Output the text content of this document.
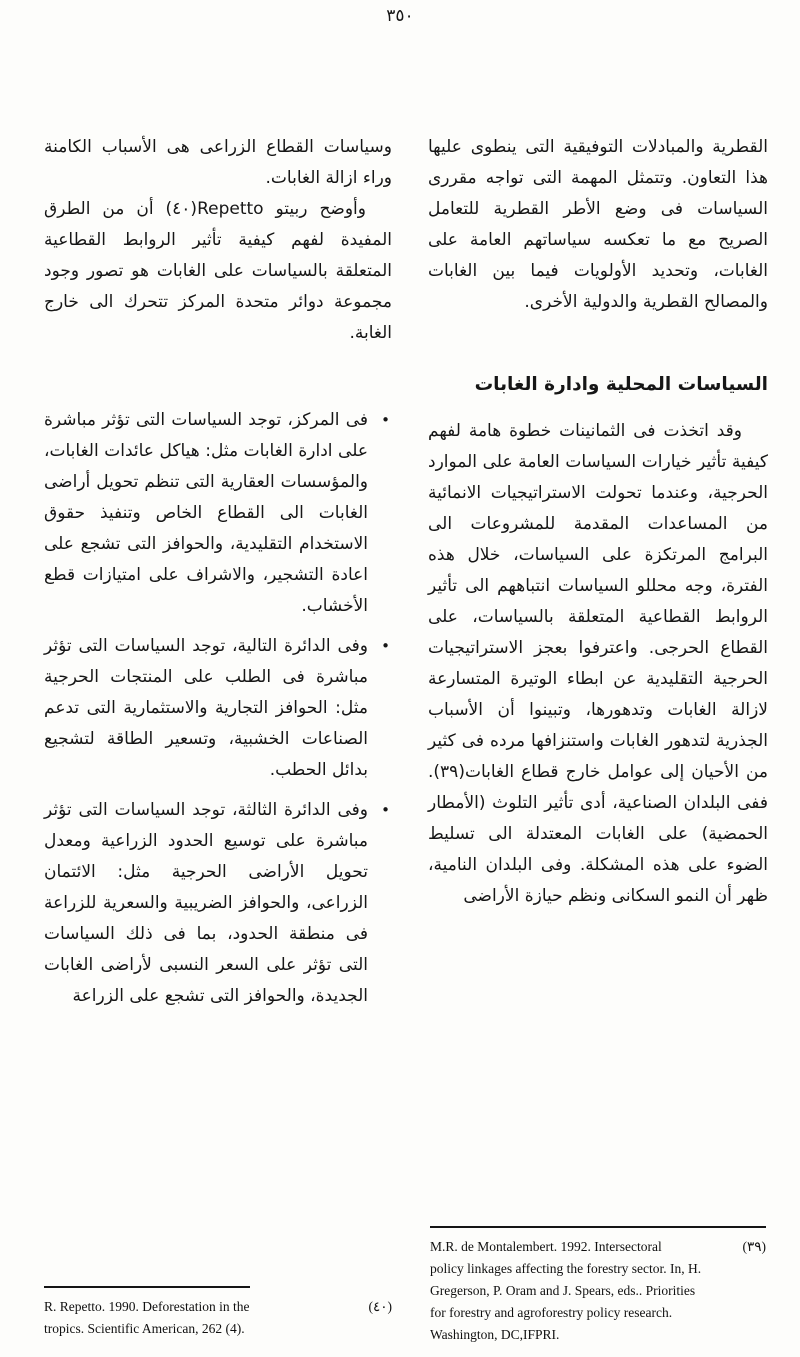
٣٥٠

القطرية والمبادلات التوفيقية التى ينطوى عليها هذا التعاون. وتتمثل المهمة التى تواجه مقررى السياسات فى وضع الأطر القطرية للتعامل الصريح مع ما تعكسه سياساتهم العامة على الغابات، وتحديد الأولويات فيما بين الغابات والمصالح القطرية والدولية الأخرى.

السياسات المحلية وادارة الغابات

وقد اتخذت فى الثمانينات خطوة هامة لفهم كيفية تأثير خيارات السياسات العامة على الموارد الحرجية، وعندما تحولت الاستراتيجيات الانمائية من المساعدات المقدمة للمشروعات الى البرامج المرتكزة على السياسات، خلال هذه الفترة، وجه محللو السياسات انتباههم الى تأثير الروابط القطاعية المتعلقة بالسياسات، على القطاع الحرجى. واعترفوا بعجز الاستراتيجيات الحرجية التقليدية عن ابطاء الوتيرة المتسارعة لازالة الغابات وتدهورها، وتبينوا أن الأسباب الجذرية لتدهور الغابات واستنزافها مرده فى كثير من الأحيان إلى عوامل خارج قطاع الغابات(٣٩). ففى البلدان الصناعية، أدى تأثير التلوث (الأمطار الحمضية) على الغابات المعتدلة الى تسليط الضوء على هذه المشكلة. وفى البلدان النامية، ظهر أن النمو السكانى ونظم حيازة الأراضى

وسياسات القطاع الزراعى هى الأسباب الكامنة وراء ازالة الغابات.

وأوضح ربيتو Repetto(٤٠) أن من الطرق المفيدة لفهم كيفية تأثير الروابط القطاعية المتعلقة بالسياسات على الغابات هو تصور وجود مجموعة دوائر متحدة المركز تتحرك الى خارج الغابة.

•
فى المركز، توجد السياسات التى تؤثر مباشرة على ادارة الغابات مثل: هياكل عائدات الغابات، والمؤسسات العقارية التى تنظم تحويل أراضى الغابات الى القطاع الخاص وتنفيذ حقوق الاستخدام التقليدية، والحوافز التى تشجع على اعادة التشجير، والاشراف على امتيازات قطع الأخشاب.
•
وفى الدائرة التالية، توجد السياسات التى تؤثر مباشرة فى الطلب على المنتجات الحرجية مثل: الحوافز التجارية والاستثمارية التى تدعم الصناعات الخشبية، وتسعير الطاقة لتشجيع بدائل الحطب.
•
وفى الدائرة الثالثة، توجد السياسات التى تؤثر مباشرة على توسيع الحدود الزراعية ومعدل تحويل الأراضى الحرجية مثل: الائتمان الزراعى، والحوافز الضريبية والسعرية للزراعة فى منطقة الحدود، بما فى ذلك السياسات التى تؤثر على السعر النسبى لأراضى الغابات الجديدة، والحوافز التى تشجع على الزراعة
R. Repetto. 1990. Deforestation in the	(٤٠)
tropics. Scientific American, 262 (4).
M.R. de Montalembert. 1992. Intersectoral	(٣٩)
policy linkages affecting the forestry sector. In, H.
Gregerson, P. Oram and J. Spears, eds.. Priorities
for forestry and agroforestry policy research.
Washington, DC,IFPRI.
